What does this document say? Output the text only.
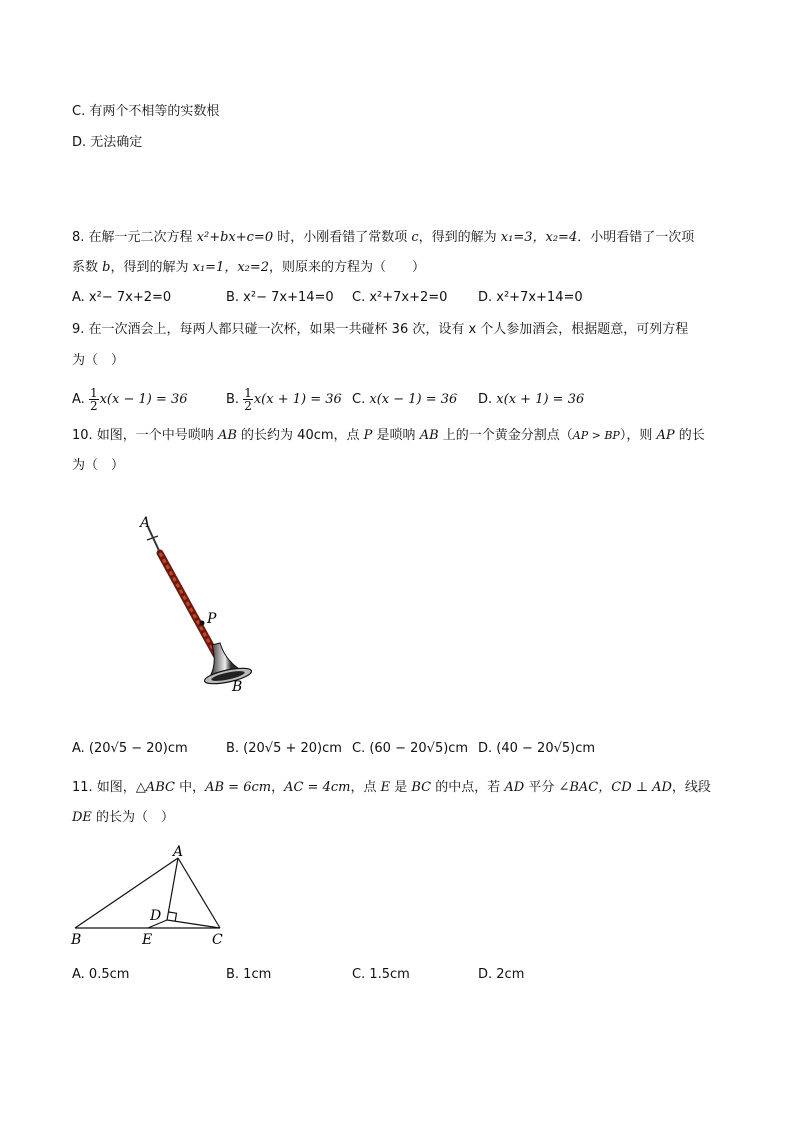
C. 有两个不相等的实数根
D. 无法确定
8. 在解一元二次方程 x²+bx+c=0 时，小刚看错了常数项 c，得到的解为 x₁=3，x₂=4．小明看错了一次项
系数 b，得到的解为 x₁=1，x₂=2，则原来的方程为（　　）
A. x²− 7x+2=0	B. x²− 7x+14=0 C. x²+7x+2=0 D. x²+7x+14=0
9. 在一次酒会上，每两人都只碰一次杯，如果一共碰杯 36 次，设有 x 个人参加酒会，根据题意，可列方程
为（　）
A. $\frac{1}{2} x(x - 1) = 36$	B. $\frac{1}{2} x(x + 1) = 36$ C. x(x − 1) = 36 D. x(x + 1) = 36
10. 如图，一个中号唢呐 AB 的长约为 40cm，点 P 是唢呐 AB 上的一个黄金分割点（AP > BP），则 AP 的长
为（　）
A
P
B
A. (20√5 − 20)cm	B. (20√5 + 20)cm C. (60 − 20√5)cm D. (40 − 20√5)cm
11. 如图，△ABC 中，AB = 6cm，AC = 4cm，点 E 是 BC 的中点，若 AD 平分 ∠BAC，CD ⊥ AD，线段
DE 的长为（　）
A
B	C
D
E
A. 0.5cm	B. 1cm	C. 1.5cm	D. 2cm
